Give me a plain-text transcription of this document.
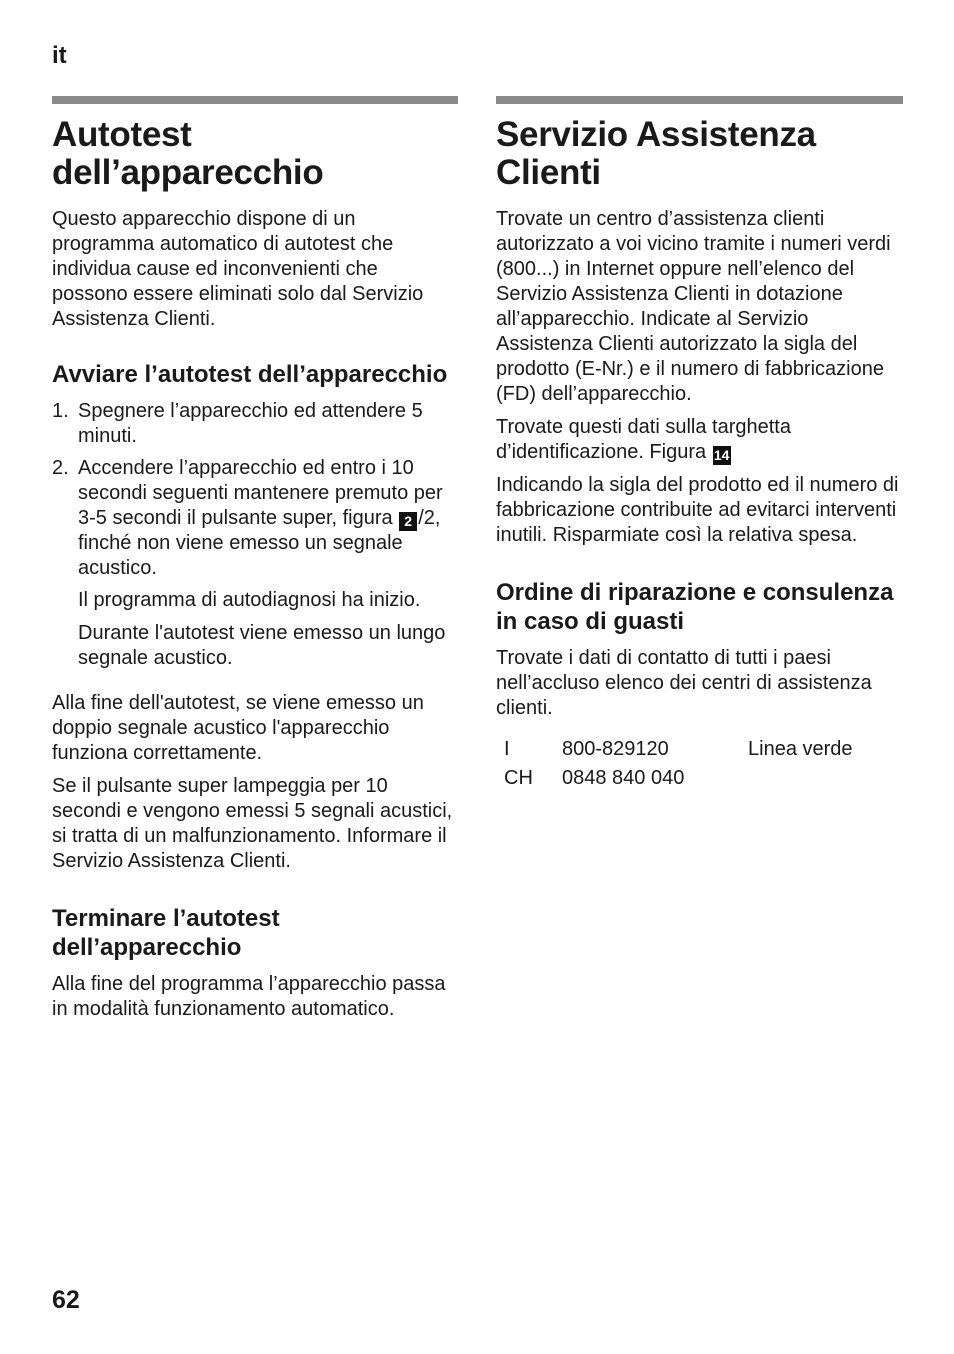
it
Autotest dell’apparecchio

Questo apparecchio dispone di un programma automatico di autotest che individua cause ed inconvenienti che possono essere eliminati solo dal Servizio Assistenza Clienti.

Avviare l’autotest dell’apparecchio
1. Spegnere l’apparecchio ed attendere 5 minuti.
2. Accendere l’apparecchio ed entro i 10 secondi seguenti mantenere premuto per 3-5 secondi il pulsante super, figura 2 /2, finché non viene emesso un segnale acustico.

Il programma di autodiagnosi ha inizio.

Durante l'autotest viene emesso un lungo segnale acustico.

Alla fine dell'autotest, se viene emesso un doppio segnale acustico l'apparecchio funziona correttamente.

Se il pulsante super lampeggia per 10 secondi e vengono emessi 5 segnali acustici, si tratta di un malfunzionamento. Informare il Servizio Assistenza Clienti.

Terminare l’autotest dell’apparecchio

Alla fine del programma l’apparecchio passa in modalità funzionamento automatico.

Servizio Assistenza Clienti

Trovate un centro d’assistenza clienti autorizzato a voi vicino tramite i numeri verdi (800...) in Internet oppure nell’elenco del Servizio Assistenza Clienti in dotazione all’apparecchio. Indicate al Servizio Assistenza Clienti autorizzato la sigla del prodotto (E-Nr.) e il numero di fabbricazione (FD) dell’apparecchio.

Trovate questi dati sulla targhetta d’identificazione. Figura 14

Indicando la sigla del prodotto ed il numero di fabbricazione contribuite ad evitarci interventi inutili. Risparmiate così la relativa spesa.

Ordine di riparazione e consulenza in caso di guasti

Trovate i dati di contatto di tutti i paesi nell’accluso elenco dei centri di assistenza clienti.

I	800-829120	Linea verde
CH	0848 840 040	
62
